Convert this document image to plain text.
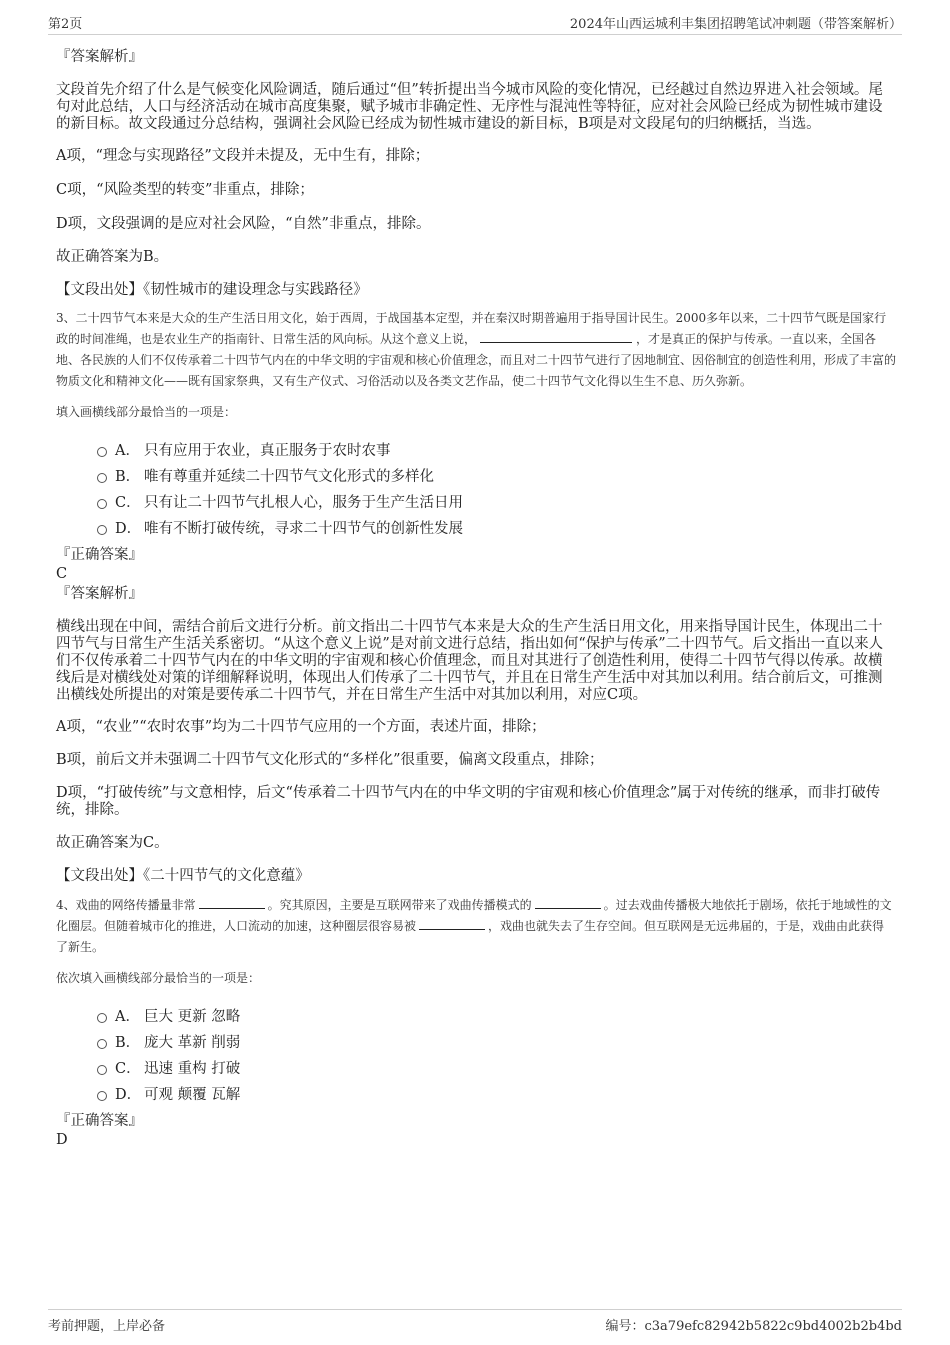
第2页	2024年山西运城利丰集团招聘笔试冲刺题（带答案解析）
『答案解析』
文段首先介绍了什么是气候变化风险调适，随后通过“但”转折提出当今城市风险的变化情况，已经越过自然边界进入社会领域。尾句对此总结，人口与经济活动在城市高度集聚，赋予城市非确定性、无序性与混沌性等特征，应对社会风险已经成为韧性城市建设的新目标。故文段通过分总结构，强调社会风险已经成为韧性城市建设的新目标，B项是对文段尾句的归纳概括，当选。
A项，“理念与实现路径”文段并未提及，无中生有，排除；
C项，“风险类型的转变”非重点，排除；
D项，文段强调的是应对社会风险，“自然”非重点，排除。
故正确答案为B。
【文段出处】《韧性城市的建设理念与实践路径》
3、二十四节气本来是大众的生产生活日用文化，始于西周，于战国基本定型，并在秦汉时期普遍用于指导国计民生。2000多年以来，二十四节气既是国家行政的时间准绳，也是农业生产的指南针、日常生活的风向标。从这个意义上说，	，才是真正的保护与传承。一直以来，全国各地、各民族的人们不仅传承着二十四节气内在的中华文明的宇宙观和核心价值理念，而且对二十四节气进行了因地制宜、因俗制宜的创造性利用，形成了丰富的物质文化和精神文化——既有国家祭典，又有生产仪式、习俗活动以及各类文艺作品，使二十四节气文化得以生生不息、历久弥新。
填入画横线部分最恰当的一项是：
A． 只有应用于农业，真正服务于农时农事
B． 唯有尊重并延续二十四节气文化形式的多样化
C． 只有让二十四节气扎根人心，服务于生产生活日用
D． 唯有不断打破传统，寻求二十四节气的创新性发展
『正确答案』
C
『答案解析』
横线出现在中间，需结合前后文进行分析。前文指出二十四节气本来是大众的生产生活日用文化，用来指导国计民生，体现出二十四节气与日常生产生活关系密切。“从这个意义上说”是对前文进行总结，指出如何“保护与传承”二十四节气。后文指出一直以来人们不仅传承着二十四节气内在的中华文明的宇宙观和核心价值理念，而且对其进行了创造性利用，使得二十四节气得以传承。故横线后是对横线处对策的详细解释说明，体现出人们传承了二十四节气，并且在日常生产生活中对其加以利用。结合前后文，可推测出横线处所提出的对策是要传承二十四节气，并在日常生产生活中对其加以利用，对应C项。
A项，“农业”“农时农事”均为二十四节气应用的一个方面，表述片面，排除；
B项，前后文并未强调二十四节气文化形式的“多样化”很重要，偏离文段重点，排除；
D项，“打破传统”与文意相悖，后文“传承着二十四节气内在的中华文明的宇宙观和核心价值理念”属于对传统的继承，而非打破传统，排除。
故正确答案为C。
【文段出处】《二十四节气的文化意蕴》
4、戏曲的网络传播量非常	。究其原因，主要是互联网带来了戏曲传播模式的	。过去戏曲传播极大地依托于剧场，依托于地域性的文化圈层。但随着城市化的推进，人口流动的加速，这种圈层很容易被	，戏曲也就失去了生存空间。但互联网是无远弗届的，于是，戏曲由此获得了新生。
依次填入画横线部分最恰当的一项是：
A． 巨大 更新 忽略
B． 庞大 革新 削弱
C． 迅速 重构 打破
D． 可观 颠覆 瓦解
『正确答案』
D
考前押题，上岸必备	编号：c3a79efc82942b5822c9bd4002b2b4bd
